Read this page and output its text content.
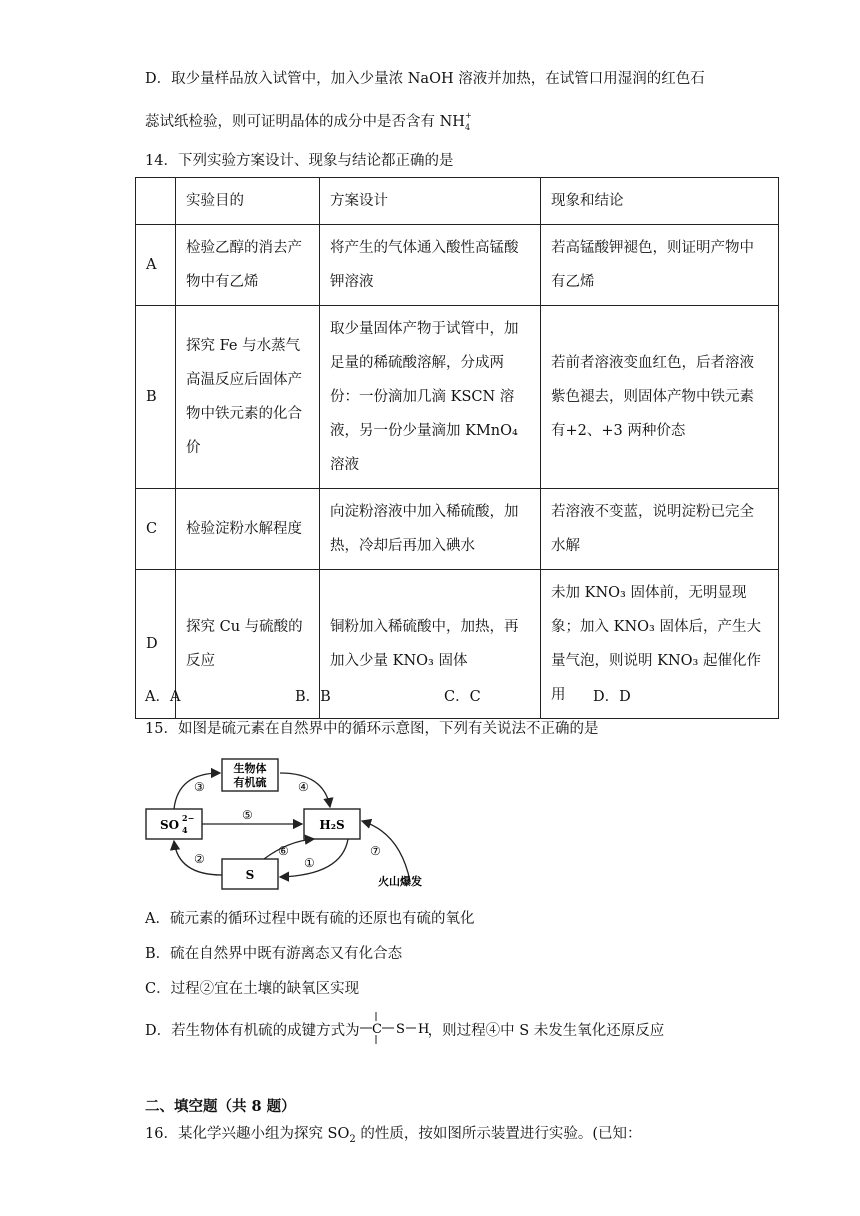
D．取少量样品放入试管中，加入少量浓 NaOH 溶液并加热，在试管口用湿润的红色石
蕊试纸检验，则可证明晶体的成分中是否含有 NH +
4
14．下列实验方案设计、现象与结论都正确的是
	实验目的	方案设计	现象和结论
A	检验乙醇的消去产物中有乙烯	将产生的气体通入酸性高锰酸钾溶液	若高锰酸钾褪色，则证明产物中有乙烯
B	探究 Fe 与水蒸气高温反应后固体产物中铁元素的化合价	取少量固体产物于试管中，加足量的稀硫酸溶解，分成两份：一份滴加几滴 KSCN 溶液，另一份少量滴加 KMnO₄ 溶液	若前者溶液变血红色，后者溶液紫色褪去，则固体产物中铁元素有+2、+3 两种价态
C	检验淀粉水解程度	向淀粉溶液中加入稀硫酸，加热，冷却后再加入碘水	若溶液不变蓝，说明淀粉已完全水解
D	探究 Cu 与硫酸的反应	铜粉加入稀硫酸中，加热，再加入少量 KNO₃ 固体	未加 KNO₃ 固体前，无明显现象；加入 KNO₃ 固体后，产生大量气泡，则说明 KNO₃ 起催化作用
A．A	B．B	C．C	D．D
15．如图是硫元素在自然界中的循环示意图，下列有关说法不正确的是
生物体
有机硫
SO 2−
4	H₂S
S
③	④
⑤
②
⑥
①
⑦
火山爆发
A．硫元素的循环过程中既有硫的还原也有硫的氧化
B．硫在自然界中既有游离态又有化合态
C．过程②宜在土壤的缺氧区实现
D．若生物体有机硫的成键方式为 C S H
，则过程④中 S 未发生氧化还原反应
二、填空题（共 8 题）
16．某化学兴趣小组为探究 $SO_2$ 的性质，按如图所示装置进行实验。(已知：
